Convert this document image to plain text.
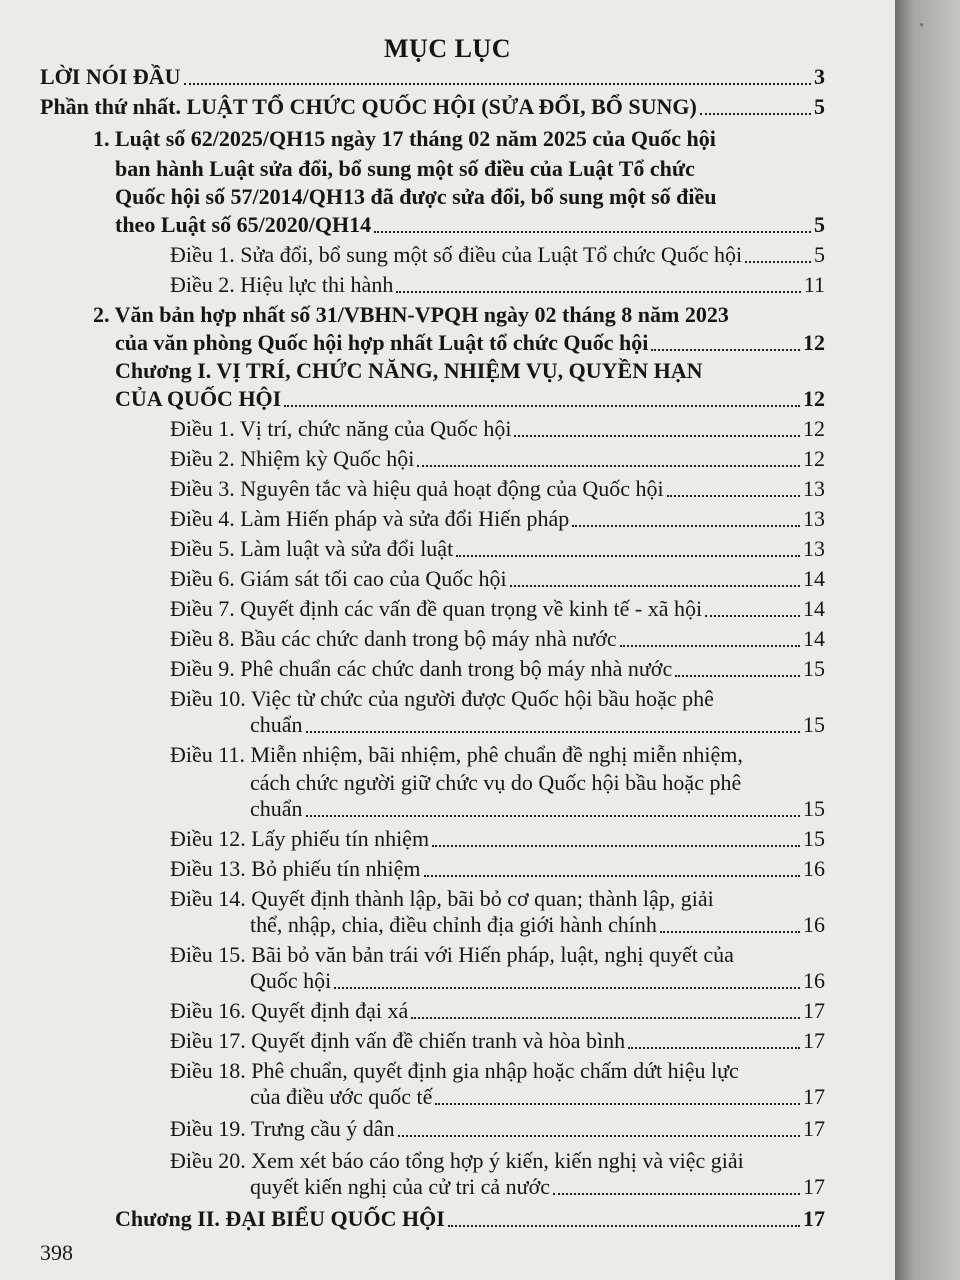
·
MỤC LỤC
LỜI NÓI ĐẦU	3
Phần thứ nhất. LUẬT TỔ CHỨC QUỐC HỘI (SỬA ĐỔI, BỔ SUNG)	5
1. Luật số 62/2025/QH15 ngày 17 tháng 02 năm 2025 của Quốc hội
ban hành Luật sửa đổi, bổ sung một số điều của Luật Tổ chức
Quốc hội số 57/2014/QH13 đã được sửa đổi, bổ sung một số điều
theo Luật số 65/2020/QH14	5
Điều 1. Sửa đổi, bổ sung một số điều của Luật Tổ chức Quốc hội	5
Điều 2. Hiệu lực thi hành	11
2. Văn bản hợp nhất số 31/VBHN-VPQH ngày 02 tháng 8 năm 2023
của văn phòng Quốc hội hợp nhất Luật tổ chức Quốc hội	12
Chương I. VỊ TRÍ, CHỨC NĂNG, NHIỆM VỤ, QUYỀN HẠN
CỦA QUỐC HỘI	12
Điều 1. Vị trí, chức năng của Quốc hội	12
Điều 2. Nhiệm kỳ Quốc hội	12
Điều 3. Nguyên tắc và hiệu quả hoạt động của Quốc hội	13
Điều 4. Làm Hiến pháp và sửa đổi Hiến pháp	13
Điều 5. Làm luật và sửa đổi luật	13
Điều 6. Giám sát tối cao của Quốc hội	14
Điều 7. Quyết định các vấn đề quan trọng về kinh tế - xã hội	14
Điều 8. Bầu các chức danh trong bộ máy nhà nước	14
Điều 9. Phê chuẩn các chức danh trong bộ máy nhà nước	15
Điều 10. Việc từ chức của người được Quốc hội bầu hoặc phê
chuẩn	15
Điều 11. Miễn nhiệm, bãi nhiệm, phê chuẩn đề nghị miễn nhiệm,
cách chức người giữ chức vụ do Quốc hội bầu hoặc phê
chuẩn	15
Điều 12. Lấy phiếu tín nhiệm	15
Điều 13. Bỏ phiếu tín nhiệm	16
Điều 14. Quyết định thành lập, bãi bỏ cơ quan; thành lập, giải
thể, nhập, chia, điều chỉnh địa giới hành chính	16
Điều 15. Bãi bỏ văn bản trái với Hiến pháp, luật, nghị quyết của
Quốc hội	16
Điều 16. Quyết định đại xá	17
Điều 17. Quyết định vấn đề chiến tranh và hòa bình	17
Điều 18. Phê chuẩn, quyết định gia nhập hoặc chấm dứt hiệu lực
của điều ước quốc tế	17
Điều 19. Trưng cầu ý dân	17
Điều 20. Xem xét báo cáo tổng hợp ý kiến, kiến nghị và việc giải
quyết kiến nghị của cử tri cả nước	17
Chương II. ĐẠI BIỂU QUỐC HỘI	17
398
